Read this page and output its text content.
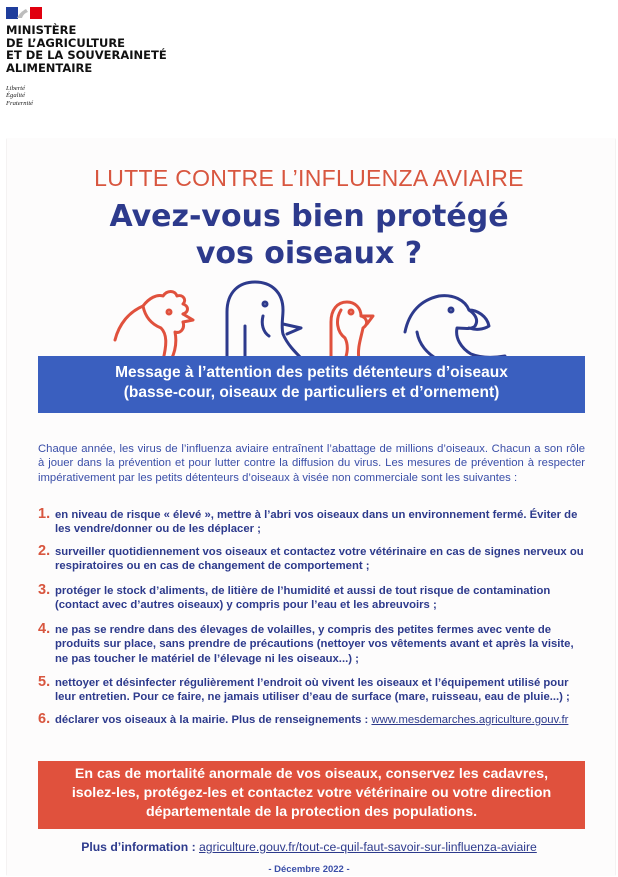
MINISTÈRE
DE L’AGRICULTURE
ET DE LA SOUVERAINETÉ
ALIMENTAIRE
Liberté
Égalité
Fraternité
LUTTE CONTRE L’INFLUENZA AVIAIRE
Avez-vous bien protégé
vos oiseaux ?
Message à l’attention des petits détenteurs d’oiseaux
(basse-cour, oiseaux de particuliers et d’ornement)
Chaque année, les virus de l’influenza aviaire entraînent l’abattage de millions d’oiseaux. Chacun a son rôle à jouer dans la prévention et pour lutter contre la diffusion du virus. Les mesures de prévention à respecter impérativement par les petits détenteurs d’oiseaux à visée non commerciale sont les suivantes :
1. en niveau de risque « élevé », mettre à l’abri vos oiseaux dans un environnement fermé. Éviter de les vendre/donner ou de les déplacer ;
2. surveiller quotidiennement vos oiseaux et contactez votre vétérinaire en cas de signes nerveux ou respiratoires ou en cas de changement de comportement ;
3. protéger le stock d’aliments, de litière de l’humidité et aussi de tout risque de contamination (contact avec d’autres oiseaux) y compris pour l’eau et les abreuvoirs ;
4. ne pas se rendre dans des élevages de volailles, y compris des petites fermes avec vente de produits sur place, sans prendre de précautions (nettoyer vos vêtements avant et après la visite, ne pas toucher le matériel de l’élevage ni les oiseaux...) ;
5. nettoyer et désinfecter régulièrement l’endroit où vivent les oiseaux et l’équipement utilisé pour leur entretien. Pour ce faire, ne jamais utiliser d’eau de surface (mare, ruisseau, eau de pluie...) ;
6. déclarer vos oiseaux à la mairie. Plus de renseignements : www.mesdemarches.agriculture.gouv.fr
En cas de mortalité anormale de vos oiseaux, conservez les cadavres,
isolez-les, protégez-les et contactez votre vétérinaire ou votre direction
départementale de la protection des populations.
Plus d’information : agriculture.gouv.fr/tout-ce-quil-faut-savoir-sur-linfluenza-aviaire
- Décembre 2022 -
